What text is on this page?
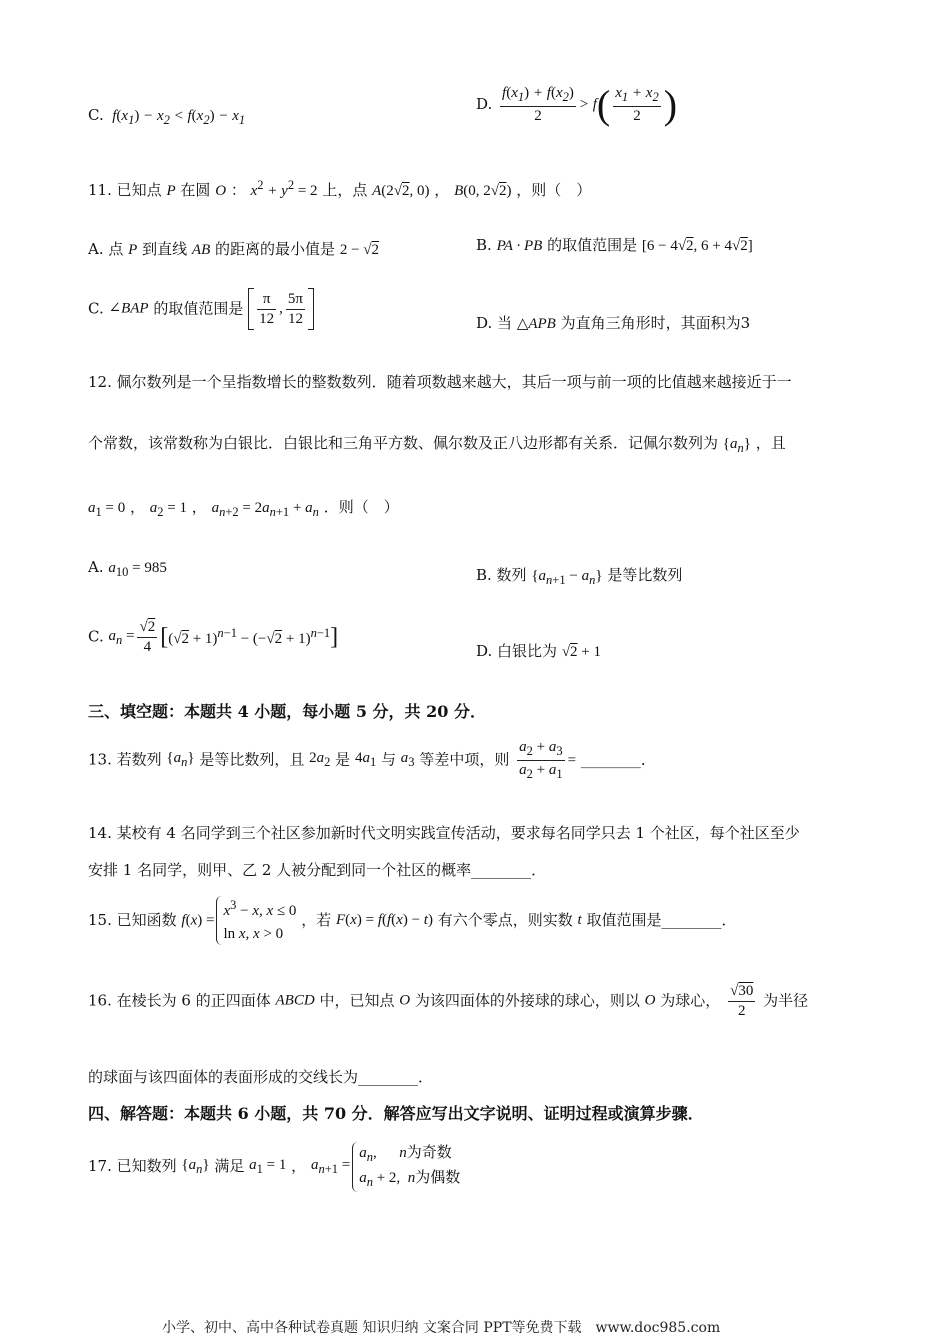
C.  $f(x_1) - x_2 < f(x_2) - x_1$
D. $\frac{f(x_1) + f(x_2)}{2} > f( \frac{x_1 + x_2}{2}$ )
11. 已知点 P 在圆 O ： $x^2 + y^2 = 2$ 上，点 A(2√2, 0) ， B(0, 2√2) ，则（　）
A. 点 P 到直线 AB 的距离的最小值是 2 − √2	B. PA · PB 的取值范围是 [6 − 4√2, 6 + 4√2]
C. ∠BAP 的取值范围是 $\frac{\pi}{12}$ , $\frac{5\pi}{12}$	D. 当 △APB 为直角三角形时，其面积为3
12. 佩尔数列是一个呈指数增长的整数数列．随着项数越来越大，其后一项与前一项的比值越来越接近于一
个常数，该常数称为白银比．白银比和三角平方数、佩尔数及正八边形都有关系．记佩尔数列为 $\{a_n\}$ ，且
$a_1 = 0$ ， $a_2 = 1$ ， $a_{n+2} = 2a_{n+1} + a_n$ ．则（　）
A. $a_{10} = 985$	B. 数列 $\{a_{n+1} - a_n\}$ 是等比数列
C. $a_n = \frac{√2}{4} [(√2 + 1)^{n-1} - (-√2 + 1)^{n-1}]$
D. 白银比为 √2 + 1
三、填空题：本题共 4 小题，每小题 5 分，共 20 分．
13. 若数列 $\{a_n\}$ 是等比数列，且 $2a_2$ 是 $4a_1$ 与 $a_3$ 等差中项，则 $\frac{a_2 + a_3}{a_2 + a_1}$ = ________．
14. 某校有 4 名同学到三个社区参加新时代文明实践宣传活动，要求每名同学只去 1 个社区，每个社区至少
安排 1 名同学，则甲、乙 2 人被分配到同一个社区的概率________．
15. 已知函数 f(x) =
$x^3 - x$, x ≤ 0
ln x, x > 0
，若 F(x) = f(f(x) − t) 有六个零点，则实数 t 取值范围是________．
16. 在棱长为 6 的正四面体 ABCD 中，已知点 O 为该四面体的外接球的球心，则以 O 为球心， $\frac{√30}{2}$ 为半径
的球面与该四面体的表面形成的交线长为________．
四、解答题：本题共 6 小题，共 70 分．解答应写出文字说明、证明过程或演算步骤．
17. 已知数列 $\{a_n\}$ 满足 $a_1 = 1$ ， $a_{n+1}$ =
$a_n$,      n为奇数
$a_n + 2$,  n为偶数
小学、初中、高中各种试卷真题 知识归纳 文案合同 PPT等免费下载　www.doc985.com
